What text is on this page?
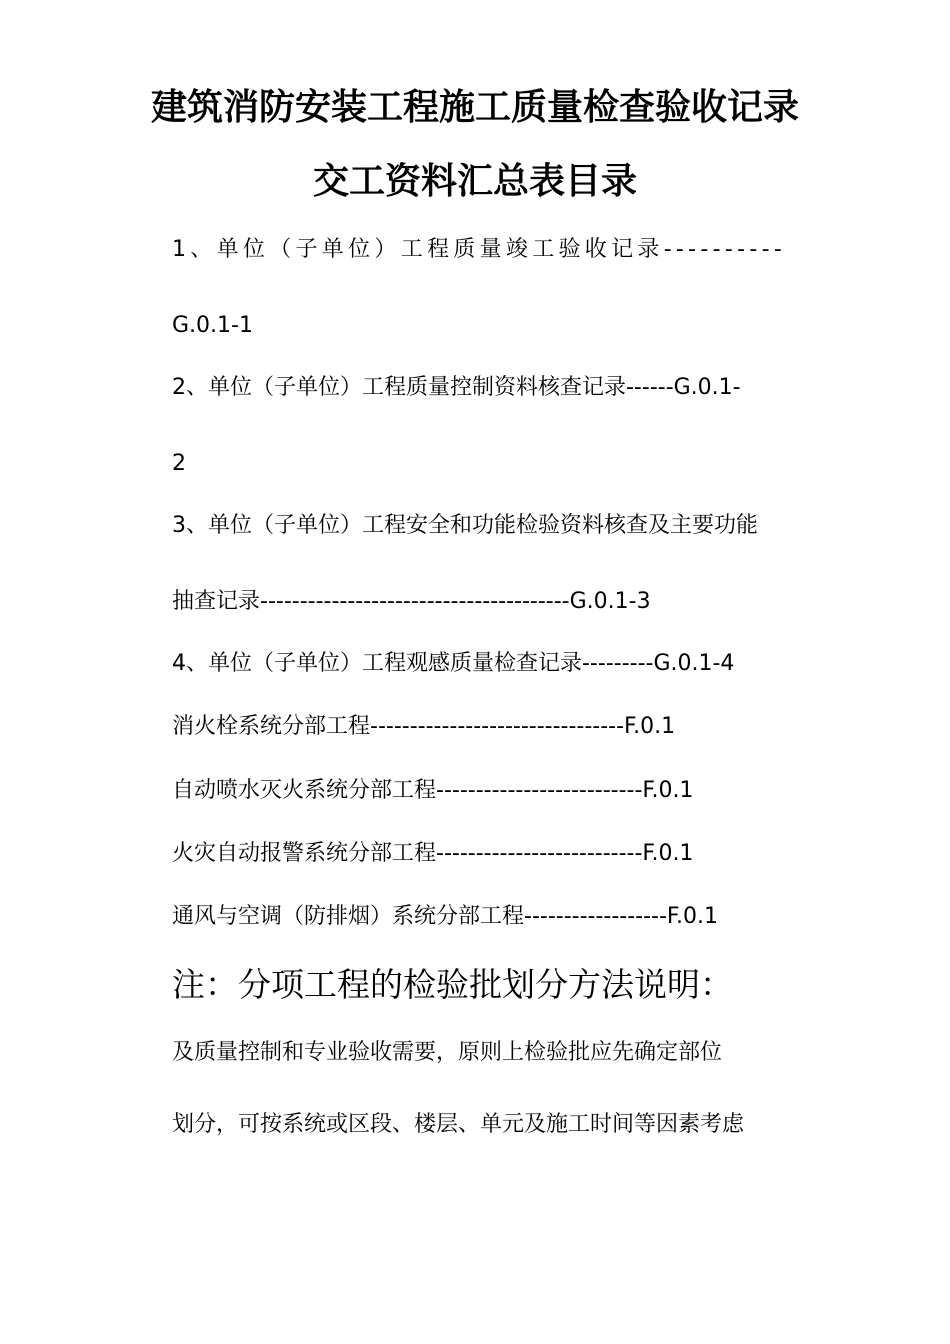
建筑消防安装工程施工质量检查验收记录
交工资料汇总表目录
1、单位（子单位）工程质量竣工验收记录----------
G.0.1-1
2、单位（子单位）工程质量控制资料核查记录------G.0.1-
2
3、单位（子单位）工程安全和功能检验资料核查及主要功能
抽查记录---------------------------------------G.0.1-3
4、单位（子单位）工程观感质量检查记录---------G.0.1-4
消火栓系统分部工程--------------------------------F.0.1
自动喷水灭火系统分部工程--------------------------F.0.1
火灾自动报警系统分部工程--------------------------F.0.1
通风与空调（防排烟）系统分部工程------------------F.0.1
注：分项工程的检验批划分方法说明：
及质量控制和专业验收需要，原则上检验批应先确定部位
划分，可按系统或区段、楼层、单元及施工时间等因素考虑
